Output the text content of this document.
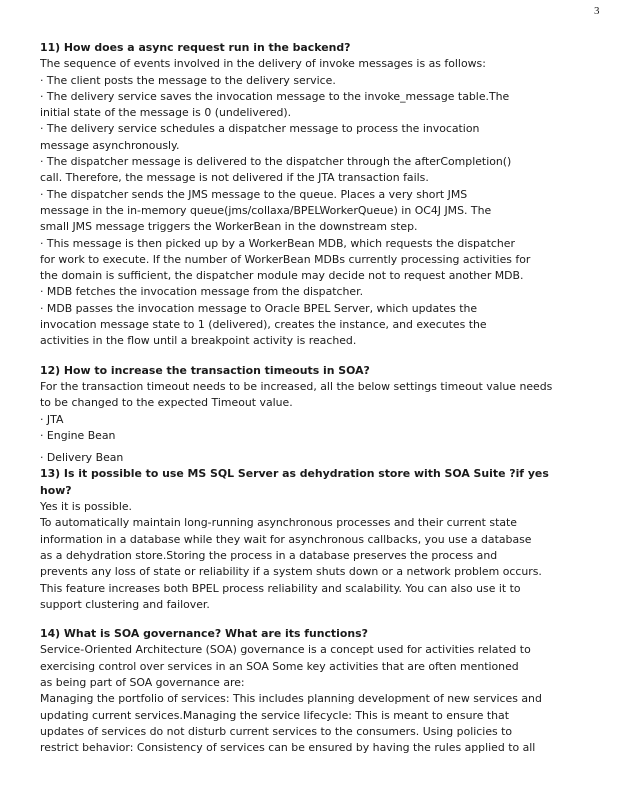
3
11) How does a async request run in the backend?
The sequence of events involved in the delivery of invoke messages is as follows:
· The client posts the message to the delivery service.
· The delivery service saves the invocation message to the invoke_message table.The
initial state of the message is 0 (undelivered).
· The delivery service schedules a dispatcher message to process the invocation
message asynchronously.
· The dispatcher message is delivered to the dispatcher through the afterCompletion()
call. Therefore, the message is not delivered if the JTA transaction fails.
· The dispatcher sends the JMS message to the queue. Places a very short JMS
message in the in-memory queue(jms/collaxa/BPELWorkerQueue) in OC4J JMS. The
small JMS message triggers the WorkerBean in the downstream step.
· This message is then picked up by a WorkerBean MDB, which requests the dispatcher
for work to execute. If the number of WorkerBean MDBs currently processing activities for
the domain is sufficient, the dispatcher module may decide not to request another MDB.
· MDB fetches the invocation message from the dispatcher.
· MDB passes the invocation message to Oracle BPEL Server, which updates the
invocation message state to 1 (delivered), creates the instance, and executes the
activities in the flow until a breakpoint activity is reached.
12) How to increase the transaction timeouts in SOA?
For the transaction timeout needs to be increased, all the below settings timeout value needs
to be changed to the expected Timeout value.
· JTA
· Engine Bean
· Delivery Bean
13) Is it possible to use MS SQL Server as dehydration store with SOA Suite ?if yes
how?
Yes it is possible.
To automatically maintain long-running asynchronous processes and their current state
information in a database while they wait for asynchronous callbacks, you use a database
as a dehydration store.Storing the process in a database preserves the process and
prevents any loss of state or reliability if a system shuts down or a network problem occurs.
This feature increases both BPEL process reliability and scalability. You can also use it to
support clustering and failover.
14) What is SOA governance? What are its functions?
Service-Oriented Architecture (SOA) governance is a concept used for activities related to
exercising control over services in an SOA Some key activities that are often mentioned
as being part of SOA governance are:
Managing the portfolio of services: This includes planning development of new services and
updating current services.Managing the service lifecycle: This is meant to ensure that
updates of services do not disturb current services to the consumers. Using policies to
restrict behavior: Consistency of services can be ensured by having the rules applied to all
